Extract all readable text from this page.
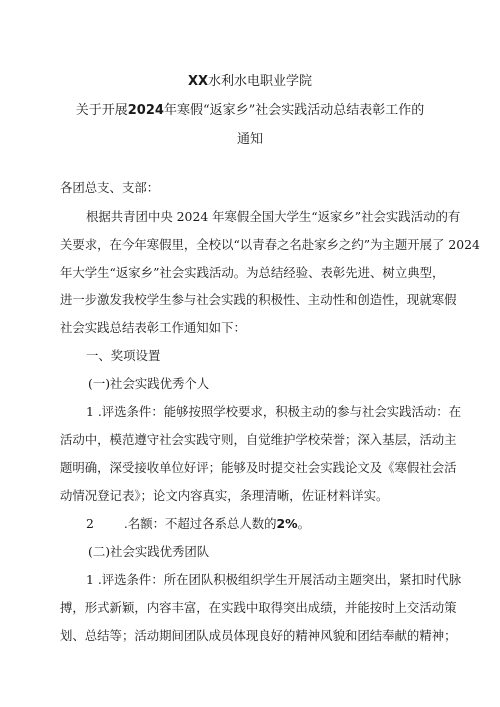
XX水利水电职业学院
关于开展2024年寒假“返家乡”社会实践活动总结表彰工作的
通知
各团总支、支部：
根据共青团中央 2024 年寒假全国大学生“返家乡”社会实践活动的有
关要求，在今年寒假里，全校以“以青春之名赴家乡之约”为主题开展了 2024
年大学生“返家乡”社会实践活动。为总结经验、表彰先进、树立典型，
进一步激发我校学生参与社会实践的积极性、主动性和创造性，现就寒假
社会实践总结表彰工作通知如下：
一、奖项设置
(一)社会实践优秀个人
1 .评选条件：能够按照学校要求，积极主动的参与社会实践活动：在
活动中，模范遵守社会实践守则，自觉维护学校荣誉；深入基层，活动主
题明确，深受接收单位好评；能够及时提交社会实践论文及《寒假社会活
动情况登记表》；论文内容真实，条理清晰，佐证材料详实。
2 .名额：不超过各系总人数的2%。
(二)社会实践优秀团队
1 .评选条件：所在团队积极组织学生开展活动主题突出，紧扣时代脉
搏，形式新颖，内容丰富，在实践中取得突出成绩，并能按时上交活动策
划、总结等；活动期间团队成员体现良好的精神风貌和团结奉献的精神；
